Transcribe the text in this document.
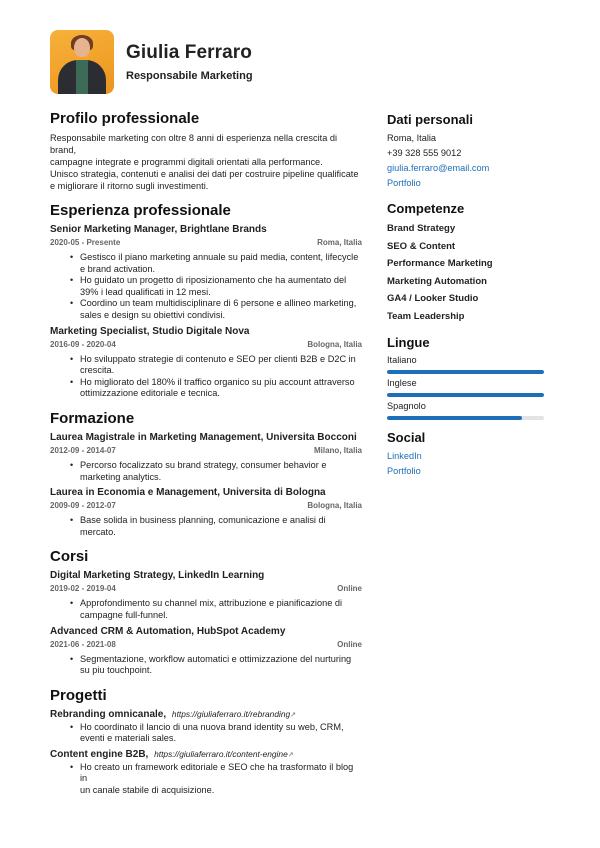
Giulia Ferraro
Responsabile Marketing
Profilo professionale
Responsabile marketing con oltre 8 anni di esperienza nella crescita di brand,
campagne integrate e programmi digitali orientati alla performance.
Unisco strategia, contenuti e analisi dei dati per costruire pipeline qualificate
e migliorare il ritorno sugli investimenti.
Esperienza professionale
Senior Marketing Manager, Brightlane Brands
2020-05 - Presente	Roma, Italia
• Gestisco il piano marketing annuale su paid media, content, lifecycle
e brand activation.
• Ho guidato un progetto di riposizionamento che ha aumentato del
39% i lead qualificati in 12 mesi.
• Coordino un team multidisciplinare di 6 persone e allineo marketing,
sales e design su obiettivi condivisi.
Marketing Specialist, Studio Digitale Nova
2016-09 - 2020-04	Bologna, Italia
• Ho sviluppato strategie di contenuto e SEO per clienti B2B e D2C in
crescita.
• Ho migliorato del 180% il traffico organico su piu account attraverso
ottimizzazione editoriale e tecnica.
Formazione
Laurea Magistrale in Marketing Management, Universita Bocconi
2012-09 - 2014-07	Milano, Italia
• Percorso focalizzato su brand strategy, consumer behavior e
marketing analytics.
Laurea in Economia e Management, Universita di Bologna
2009-09 - 2012-07	Bologna, Italia
• Base solida in business planning, comunicazione e analisi di mercato.
Corsi
Digital Marketing Strategy, LinkedIn Learning
2019-02 - 2019-04	Online
• Approfondimento su channel mix, attribuzione e pianificazione di
campagne full-funnel.
Advanced CRM & Automation, HubSpot Academy
2021-06 - 2021-08	Online
• Segmentazione, workflow automatici e ottimizzazione del nurturing
su piu touchpoint.
Progetti
Rebranding omnicanale, https://giuliaferraro.it/rebranding↗
• Ho coordinato il lancio di una nuova brand identity su web, CRM,
eventi e materiali sales.
Content engine B2B, https://giuliaferraro.it/content-engine↗
• Ho creato un framework editoriale e SEO che ha trasformato il blog in
un canale stabile di acquisizione.
Dati personali
Roma, Italia
+39 328 555 9012
giulia.ferraro@email.com
Portfolio
Competenze
Brand Strategy
SEO & Content
Performance Marketing
Marketing Automation
GA4 / Looker Studio
Team Leadership
Lingue
Italiano
Inglese
Spagnolo
Social
LinkedIn
Portfolio
